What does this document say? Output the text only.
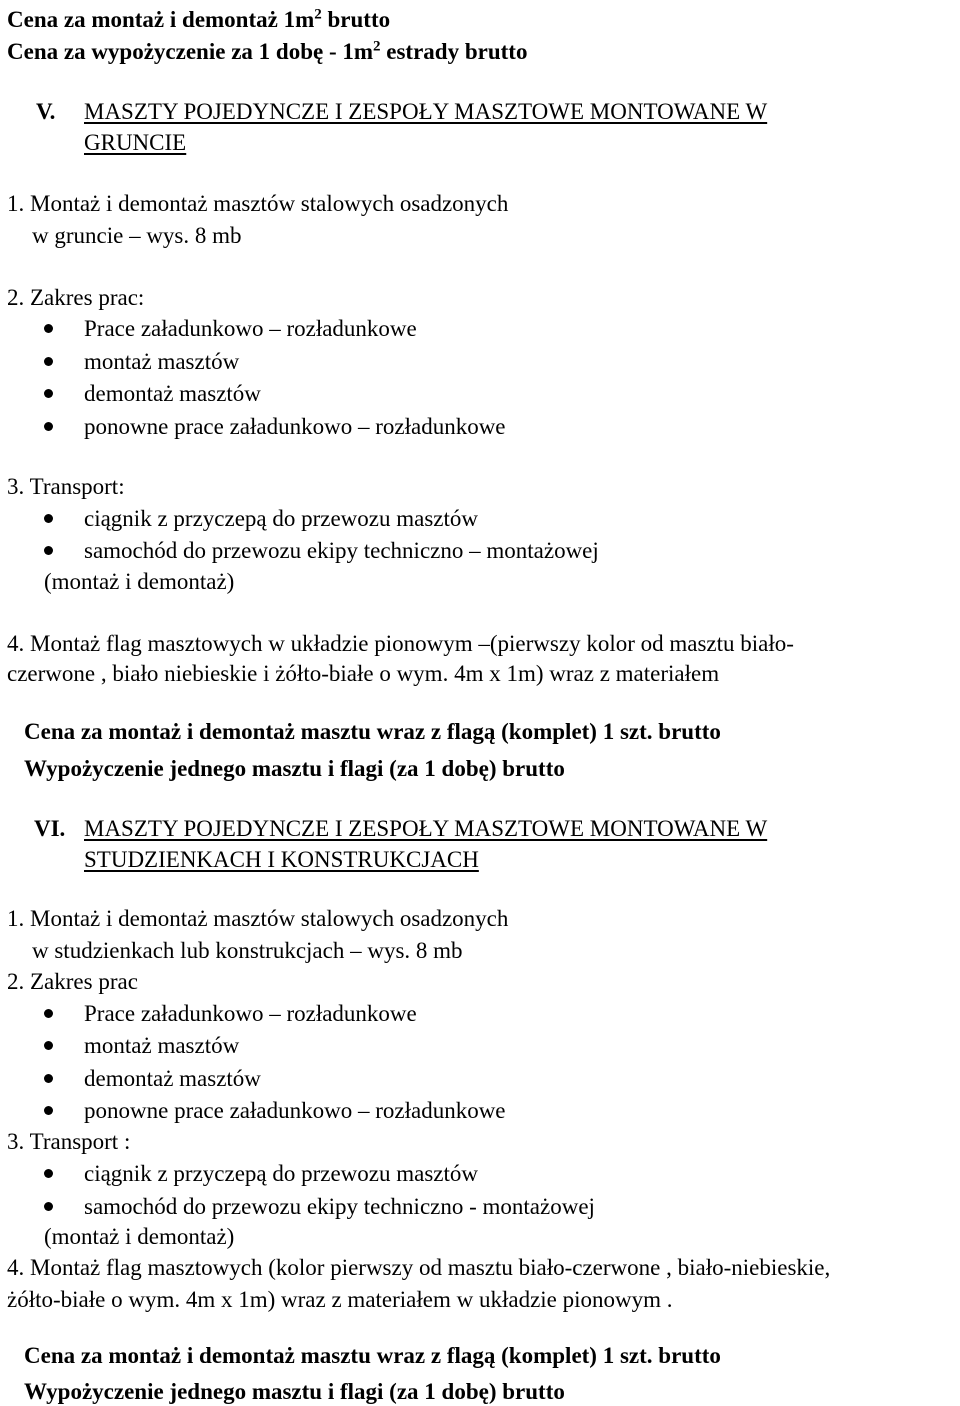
Cena za montaż i demontaż $1m^2$ brutto
Cena za wypożyczenie za 1 dobę - $1m^2$ estrady brutto
V. MASZTY POJEDYNCZE I ZESPOŁY MASZTOWE MONTOWANE W
GRUNCIE
1. Montaż i demontaż masztów stalowych osadzonych
w gruncie – wys. 8 mb
2. Zakres prac:
Prace załadunkowo – rozładunkowe
montaż masztów
demontaż masztów
ponowne prace załadunkowo – rozładunkowe
3. Transport:
ciągnik z przyczepą do przewozu masztów
samochód do przewozu ekipy techniczno – montażowej
(montaż i demontaż)
4. Montaż flag masztowych w układzie pionowym –(pierwszy kolor od masztu biało-
czerwone , biało niebieskie i żółto-białe o wym. 4m x 1m) wraz z materiałem
Cena za montaż i demontaż masztu wraz z flagą (komplet) 1 szt. brutto
Wypożyczenie jednego masztu i flagi (za 1 dobę) brutto
VI. MASZTY POJEDYNCZE I ZESPOŁY MASZTOWE MONTOWANE W
STUDZIENKACH I KONSTRUKCJACH
1. Montaż i demontaż masztów stalowych osadzonych
w studzienkach lub konstrukcjach – wys. 8 mb
2. Zakres prac
Prace załadunkowo – rozładunkowe
montaż masztów
demontaż masztów
ponowne prace załadunkowo – rozładunkowe
3. Transport :
ciągnik z przyczepą do przewozu masztów
samochód do przewozu ekipy techniczno - montażowej
(montaż i demontaż)
4. Montaż flag masztowych (kolor pierwszy od masztu biało-czerwone , biało-niebieskie,
żółto-białe o wym. 4m x 1m) wraz z materiałem w układzie pionowym .
Cena za montaż i demontaż masztu wraz z flagą (komplet) 1 szt. brutto
Wypożyczenie jednego masztu i flagi (za 1 dobę) brutto
